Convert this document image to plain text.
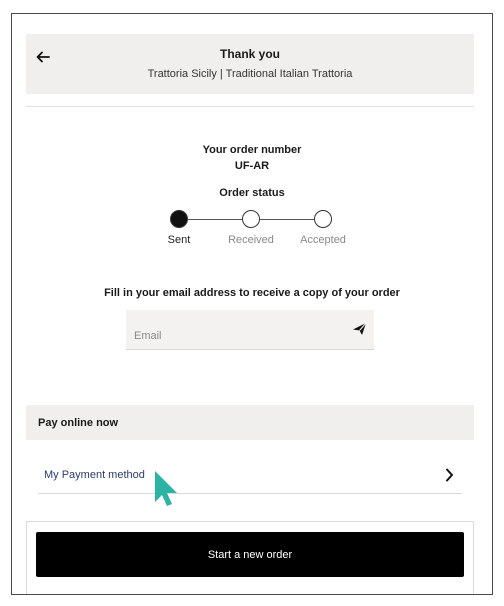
Thank you
Trattoria Sicily | Traditional Italian Trattoria
Your order number
UF-AR
Order status
Sent	Received	Accepted
Fill in your email address to receive a copy of your order
Email
Pay online now
My Payment method
Start a new order
